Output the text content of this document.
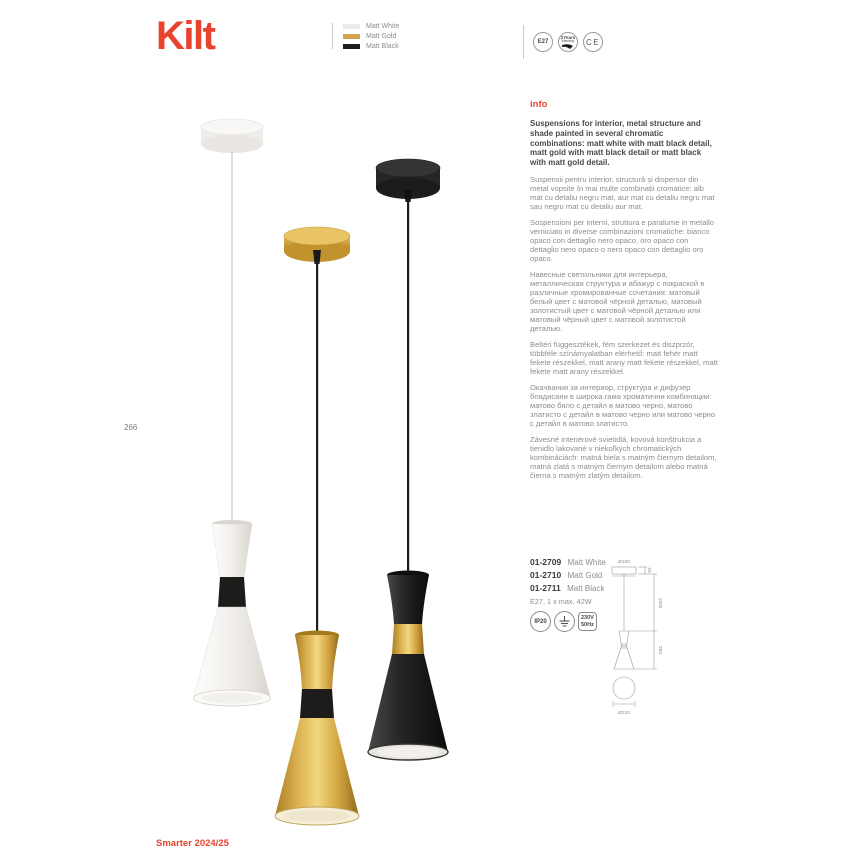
Kilt	Matt White
Matt Gold
Matt Black
E27
2Years
Warranty CE
info

Suspensions for interior, metal structure and shade painted in several chromatic combinations: matt white with matt black detail, matt gold with matt black detail or matt black with matt gold detail.

Suspensii pentru interior, structură și dispersor din metal vopsite în mai multe combinații cromatice: alb mat cu detaliu negru mat, aur mat cu detaliu negru mat sau negru mat cu detaliu aur mat.

Sospensioni per interni, struttura e paralume in metallo verniciato in diverse combinazioni cromatiche: bianco opaco con dettaglio nero opaco, oro opaco con dettaglio nero opaco o nero opaco con dettaglio oro opaco.

Навесные светильники для интерьера, металлическая структура и абажур с покраской в различные хромированные сочетания: матовый белый цвет с матовой чёрной деталью, матовый золотистый цвет с матовой чёрной деталью или матовый чёрный цвет с матовой золотистой деталью.

Beltéri függesztékek, fém szerkezet és diszprzór, többféle színárnyalatban elérhető: matt fehér matt fekete részekkel, matt arany matt fekete részekkel, matt fekete matt arany részekkel.

Окачвания за интериор, структура и дифузер боядисани в широка гама хроматични комбинации: матово бяло с детайл в матово черно, матово златисто с детайл в матово черно или матово черно с детайл в матово златисто.

Závesné interiérové svietidlá, kovová konštrukcia a tienidlo lakované v niekoľkých chromatických kombináciách: matná biela s matným čiernym detailom, matná zlatá s matným čiernym detailom alebo matná čierna s matným zlatým detailom.

01-2709 Matt White
01-2710 Matt Gold
01-2711 Matt Black
E27, 1 x max. 42W
IP20
230V
50Hz
Ø100
25
1000
260
Ø120
266
Smarter 2024/25
